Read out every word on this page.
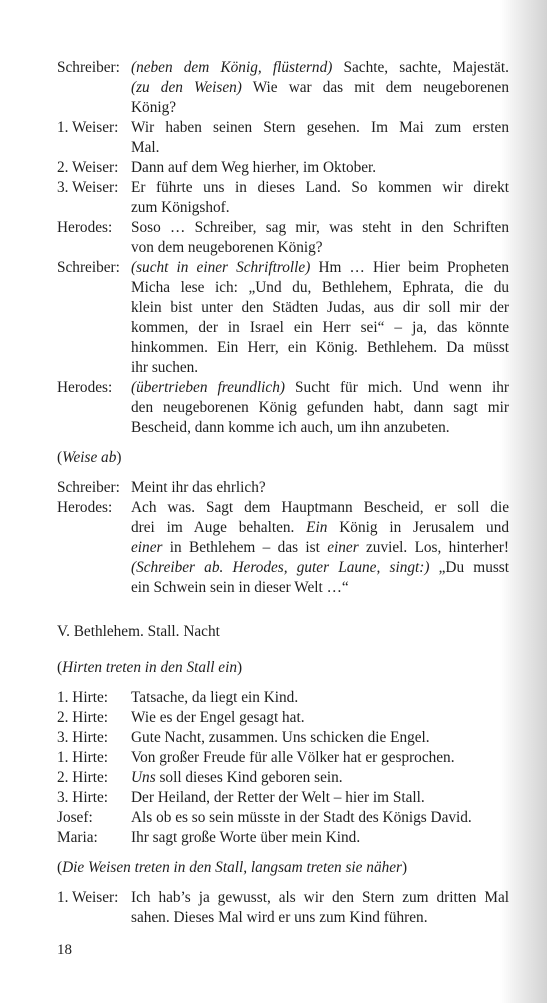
Schreiber: (neben dem König, flüsternd) Sachte, sachte, Majestät.
(zu den Weisen) Wie war das mit dem neugeborenen
König?
1. Weiser: Wir haben seinen Stern gesehen. Im Mai zum ersten
Mal.
2. Weiser: Dann auf dem Weg hierher, im Oktober.
3. Weiser: Er führte uns in dieses Land. So kommen wir direkt
zum Königshof.
Herodes: Soso … Schreiber, sag mir, was steht in den Schriften
von dem neugeborenen König?
Schreiber: (sucht in einer Schriftrolle) Hm … Hier beim Propheten
Micha lese ich: „Und du, Bethlehem, Ephrata, die du
klein bist unter den Städten Judas, aus dir soll mir der
kommen, der in Israel ein Herr sei“ – ja, das könnte
hinkommen. Ein Herr, ein König. Bethlehem. Da müsst
ihr suchen.
Herodes: (übertrieben freundlich) Sucht für mich. Und wenn ihr
den neugeborenen König gefunden habt, dann sagt mir
Bescheid, dann komme ich auch, um ihn anzubeten.
(Weise ab)
Schreiber: Meint ihr das ehrlich?
Herodes: Ach was. Sagt dem Hauptmann Bescheid, er soll die
drei im Auge behalten. Ein König in Jerusalem und
einer in Bethlehem – das ist einer zuviel. Los, hinterher!
(Schreiber ab. Herodes, guter Laune, singt:) „Du musst
ein Schwein sein in dieser Welt …“
V. Bethlehem. Stall. Nacht
(Hirten treten in den Stall ein)
1. Hirte: Tatsache, da liegt ein Kind.
2. Hirte: Wie es der Engel gesagt hat.
3. Hirte: Gute Nacht, zusammen. Uns schicken die Engel.
1. Hirte: Von großer Freude für alle Völker hat er gesprochen.
2. Hirte: Uns soll dieses Kind geboren sein.
3. Hirte: Der Heiland, der Retter der Welt – hier im Stall.
Josef:	Als ob es so sein müsste in der Stadt des Königs David.
Maria: Ihr sagt große Worte über mein Kind.
(Die Weisen treten in den Stall, langsam treten sie näher)
1. Weiser: Ich hab’s ja gewusst, als wir den Stern zum dritten Mal
sahen. Dieses Mal wird er uns zum Kind führen.
18
